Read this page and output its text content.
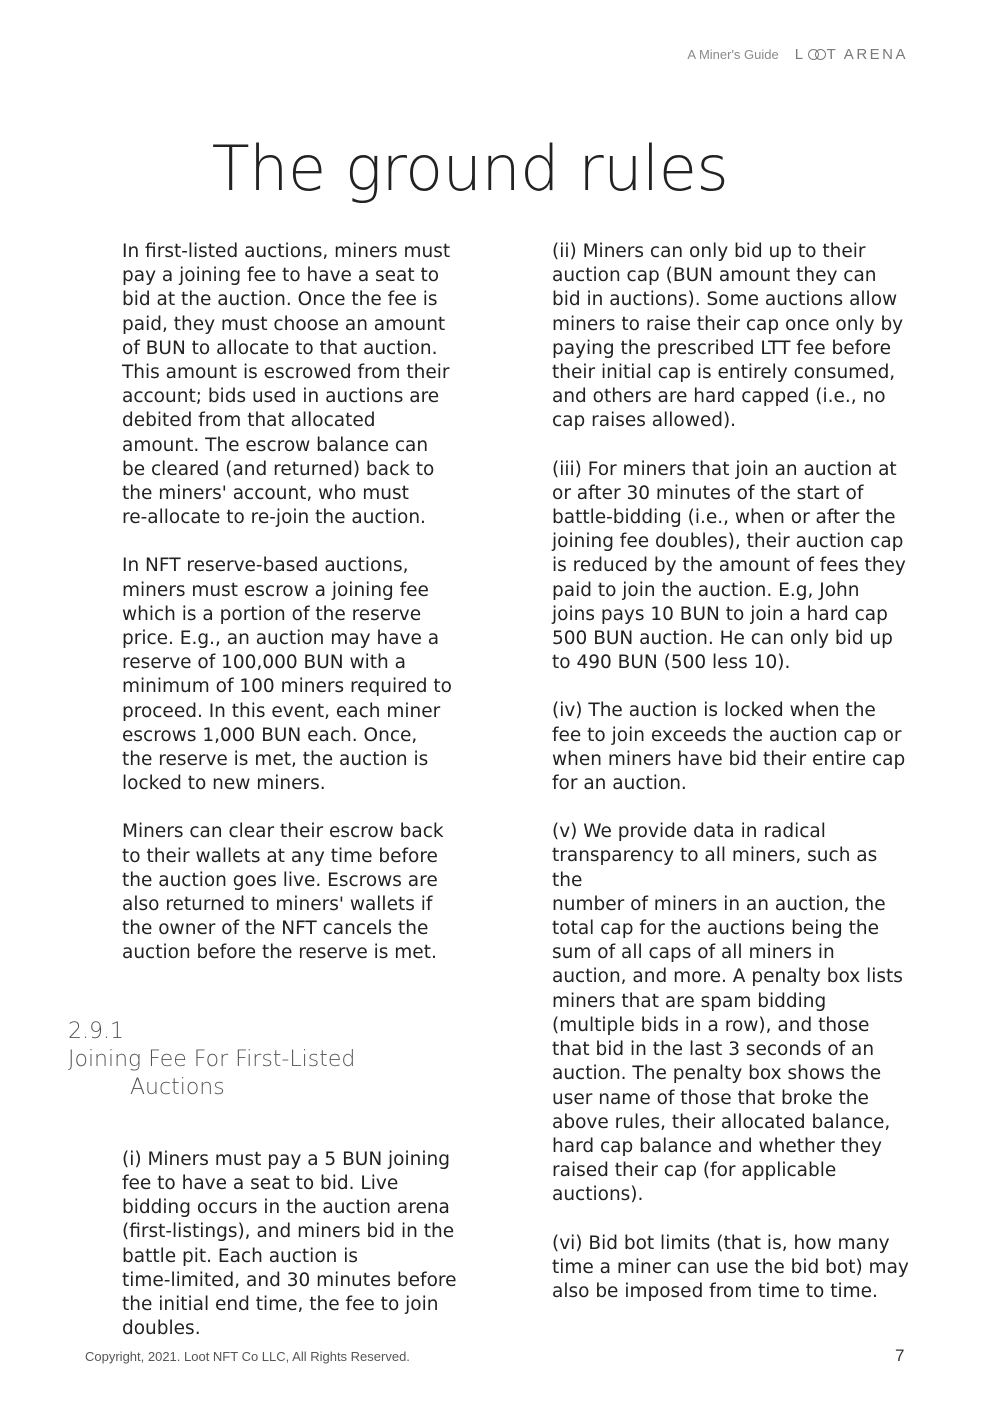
A Miner's Guide L T ARENA
The ground rules

In first-listed auctions, miners must
pay a joining fee to have a seat to
bid at the auction. Once the fee is
paid, they must choose an amount
of BUN to allocate to that auction.
This amount is escrowed from their
account; bids used in auctions are
debited from that allocated
amount. The escrow balance can
be cleared (and returned) back to
the miners' account, who must
re-allocate to re-join the auction.

In NFT reserve-based auctions,
miners must escrow a joining fee
which is a portion of the reserve
price. E.g., an auction may have a
reserve of 100,000 BUN with a
minimum of 100 miners required to
proceed. In this event, each miner
escrows 1,000 BUN each. Once,
the reserve is met, the auction is
locked to new miners.

Miners can clear their escrow back
to their wallets at any time before
the auction goes live. Escrows are
also returned to miners' wallets if
the owner of the NFT cancels the
auction before the reserve is met.

2.9.1
Joining Fee For First-Listed

Auctions

(i) Miners must pay a 5 BUN joining
fee to have a seat to bid. Live
bidding occurs in the auction arena
(first-listings), and miners bid in the
battle pit. Each auction is
time-limited, and 30 minutes before
the initial end time, the fee to join
doubles.

(ii) Miners can only bid up to their
auction cap (BUN amount they can
bid in auctions). Some auctions allow
miners to raise their cap once only by
paying the prescribed LTT fee before
their initial cap is entirely consumed,
and others are hard capped (i.e., no
cap raises allowed).

(iii) For miners that join an auction at
or after 30 minutes of the start of
battle-bidding (i.e., when or after the
joining fee doubles), their auction cap
is reduced by the amount of fees they
paid to join the auction. E.g, John
joins pays 10 BUN to join a hard cap
500 BUN auction. He can only bid up
to 490 BUN (500 less 10).

(iv) The auction is locked when the
fee to join exceeds the auction cap or
when miners have bid their entire cap
for an auction.

(v) We provide data in radical
transparency to all miners, such as the
number of miners in an auction, the
total cap for the auctions being the
sum of all caps of all miners in
auction, and more. A penalty box lists
miners that are spam bidding
(multiple bids in a row), and those
that bid in the last 3 seconds of an
auction. The penalty box shows the
user name of those that broke the
above rules, their allocated balance,
hard cap balance and whether they
raised their cap (for applicable
auctions).

(vi) Bid bot limits (that is, how many
time a miner can use the bid bot) may
also be imposed from time to time.

Copyright, 2021. Loot NFT Co LLC, All Rights Reserved.	7
